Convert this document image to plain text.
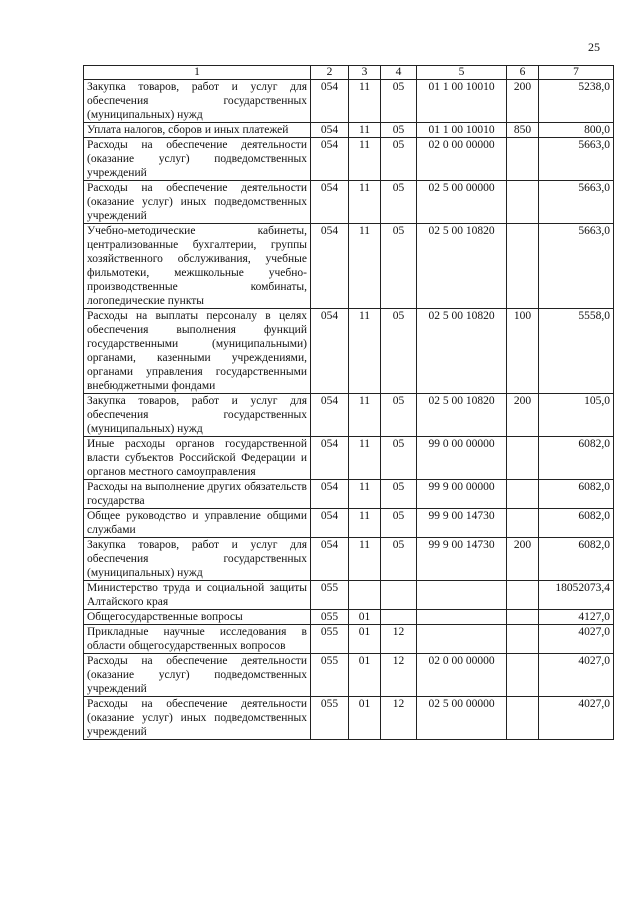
25
1	2	3	4	5	6	7
Закупка товаров, работ и услуг для обеспечения государственных (муниципальных) нужд	054	11	05	01 1 00 10010	200	5238,0
Уплата налогов, сборов и иных платежей	054	11	05	01 1 00 10010	850	800,0
Расходы на обеспечение деятельности (оказание услуг) подведомственных учреждений	054	11	05	02 0 00 00000		5663,0
Расходы на обеспечение деятельности (оказание услуг) иных подведомственных учреждений	054	11	05	02 5 00 00000		5663,0
Учебно-методические кабинеты, централизованные бухгалтерии, группы хозяйственного обслуживания, учебные фильмотеки, межшкольные учебно-производственные комбинаты, логопедические пункты	054	11	05	02 5 00 10820		5663,0
Расходы на выплаты персоналу в целях обеспечения выполнения функций государственными (муниципальными) органами, казенными учреждениями, органами управления государственными внебюджетными фондами	054	11	05	02 5 00 10820	100	5558,0
Закупка товаров, работ и услуг для обеспечения государственных (муниципальных) нужд	054	11	05	02 5 00 10820	200	105,0
Иные расходы органов государственной власти субъектов Российской Федерации и органов местного самоуправления	054	11	05	99 0 00 00000		6082,0
Расходы на выполнение других обязательств государства	054	11	05	99 9 00 00000		6082,0
Общее руководство и управление общими службами	054	11	05	99 9 00 14730		6082,0
Закупка товаров, работ и услуг для обеспечения государственных (муниципальных) нужд	054	11	05	99 9 00 14730	200	6082,0
Министерство труда и социальной защиты Алтайского края	055					18052073,4
Общегосударственные вопросы	055	01				4127,0
Прикладные научные исследования в области общегосударственных вопросов	055	01	12			4027,0
Расходы на обеспечение деятельности (оказание услуг) подведомственных учреждений	055	01	12	02 0 00 00000		4027,0
Расходы на обеспечение деятельности (оказание услуг) иных подведомственных учреждений	055	01	12	02 5 00 00000		4027,0
